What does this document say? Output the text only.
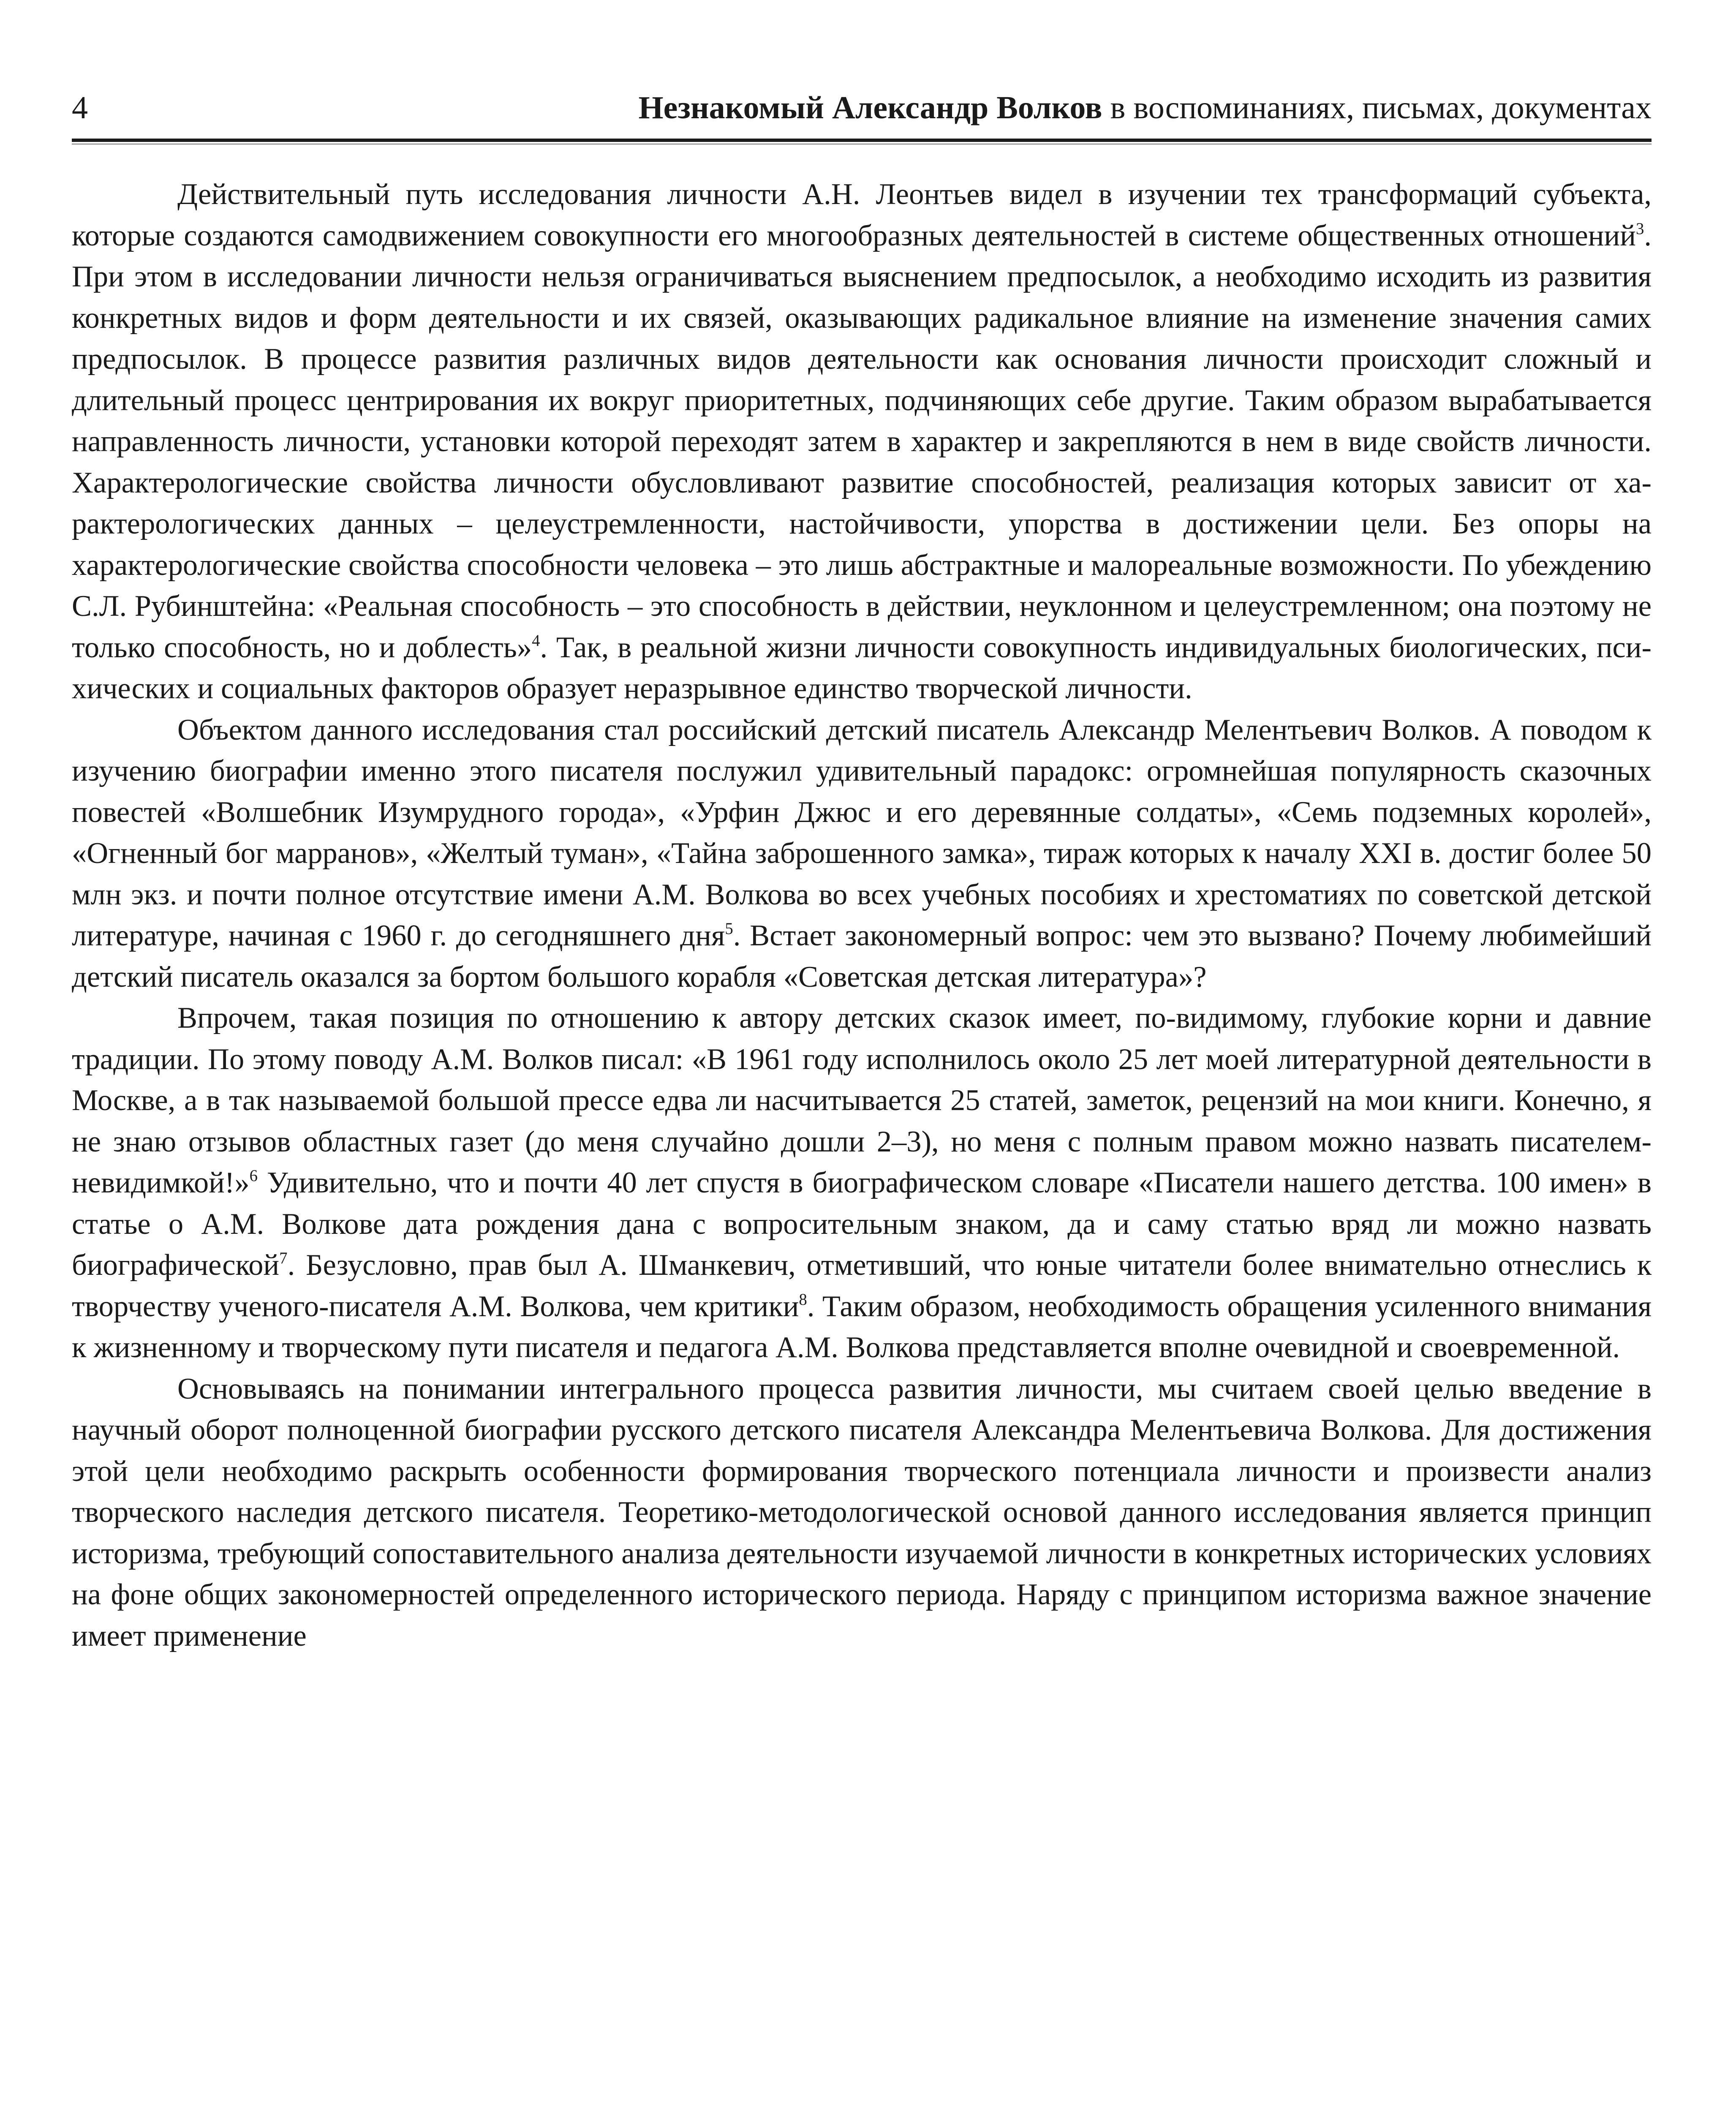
4	Незнакомый Александр Волков в воспоминаниях, письмах, документах

Действительный путь исследования личности А.Н. Леонтьев видел в изучении тех трансформаций субъекта, которые создаются самодвижением совокупности его многообразных деятельностей в системе общественных отношений$^3$. При этом в исследовании личности нельзя ограничиваться выяснением предпосылок, а необходимо исходить из развития конкретных видов и форм деятельности и их связей, оказывающих радикальное влияние на изменение значения самих предпосылок. В процессе развития различных видов деятельности как основания личности происходит сложный и длительный процесс центрирования их вокруг приоритетных, подчиняющих себе другие. Таким образом вырабатывается направленность личности, установки которой переходят затем в характер и закрепляются в нем в виде свойств личности. Характерологические свойства личности обусловливают развитие способностей, реализация которых зависит от характерологических данных – целеустремленности, настойчивости, упорства в достижении цели. Без опоры на характерологические свойства способности человека – это лишь абстрактные и малореальные возможности. По убеждению С.Л. Рубинштейна: «Реальная способность – это способность в действии, неуклонном и целеустремленном; она поэтому не только способность, но и доблесть»$^4$. Так, в реальной жизни личности совокупность индивидуальных биологических, психических и социальных факторов образует неразрывное единство творческой личности.

Объектом данного исследования стал российский детский писатель Александр Мелентьевич Волков. А поводом к изучению биографии именно этого писателя послужил удивительный парадокс: огромнейшая популярность сказочных повестей «Волшебник Изумрудного города», «Урфин Джюс и его деревянные солдаты», «Семь подземных королей», «Огненный бог марранов», «Желтый туман», «Тайна заброшенного замка», тираж которых к началу XXI в. достиг более 50 млн экз. и почти полное отсутствие имени А.М. Волкова во всех учебных пособиях и хрестоматиях по советской детской литературе, начиная с 1960 г. до сегодняшнего дня$^5$. Встает закономерный вопрос: чем это вызвано? Почему любимейший детский писатель оказался за бортом большого корабля «Советская детская литература»?

Впрочем, такая позиция по отношению к автору детских сказок имеет, по-видимому, глубокие корни и давние традиции. По этому поводу А.М. Волков писал: «В 1961 году исполнилось около 25 лет моей литературной деятельности в Москве, а в так называемой большой прессе едва ли насчитывается 25 статей, заметок, рецензий на мои книги. Конечно, я не знаю отзывов областных газет (до меня случайно дошли 2–3), но меня с полным правом можно назвать писателем-невидимкой!»$^6$ Удивительно, что и почти 40 лет спустя в биографическом словаре «Писатели нашего детства. 100 имен» в статье о А.М. Волкове дата рождения дана с вопросительным знаком, да и саму статью вряд ли можно назвать биографической$^7$. Безусловно, прав был А. Шманкевич, отметивший, что юные читатели более внимательно отнеслись к творчеству ученого-писателя А.М. Волкова, чем критики$^8$. Таким образом, необходимость обращения усиленного внимания к жизненному и творческому пути писателя и педагога А.М. Волкова представляется вполне очевидной и своевременной.

Основываясь на понимании интегрального процесса развития личности, мы считаем своей целью введение в научный оборот полноценной биографии русского детского писателя Александра Мелентьевича Волкова. Для достижения этой цели необходимо раскрыть особенности формирования творческого потенциала личности и произвести анализ творческого наследия детского писателя. Теоретико-методологической основой данного исследования является принцип историзма, требующий сопоставительного анализа деятельности изучаемой личности в конкретных исторических условиях на фоне общих закономерностей определенного исторического периода. Наряду с принципом историзма важное значение имеет применение
